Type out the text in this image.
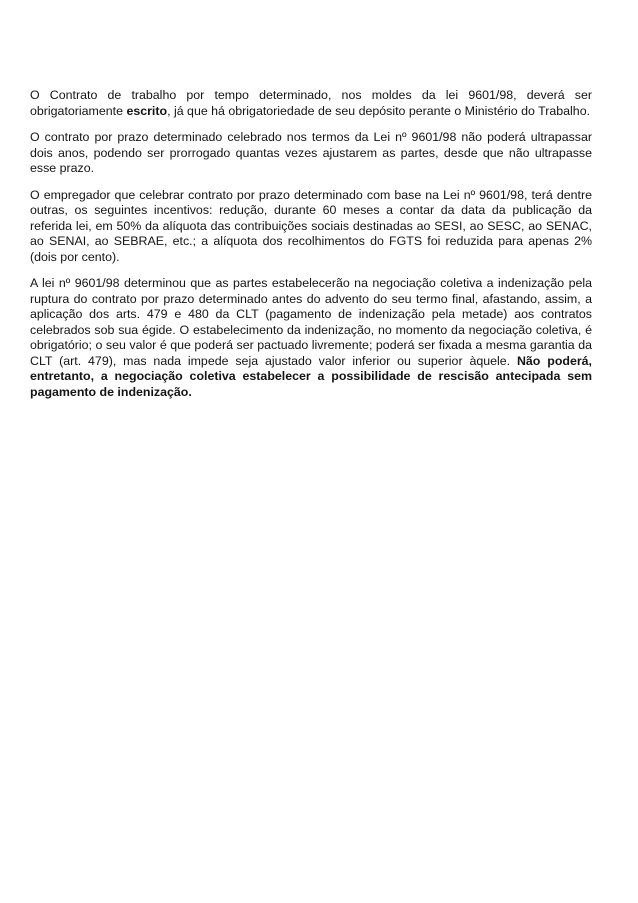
O Contrato de trabalho por tempo determinado, nos moldes da lei 9601/98, deverá ser obrigatoriamente escrito, já que há obrigatoriedade de seu depósito perante o Ministério do Trabalho.

O contrato por prazo determinado celebrado nos termos da Lei nº 9601/98 não poderá ultrapassar dois anos, podendo ser prorrogado quantas vezes ajustarem as partes, desde que não ultrapasse esse prazo.

O empregador que celebrar contrato por prazo determinado com base na Lei nº 9601/98, terá dentre outras, os seguintes incentivos: redução, durante 60 meses a contar da data da publicação da referida lei, em 50% da alíquota das contribuições sociais destinadas ao SESI, ao SESC, ao SENAC, ao SENAI, ao SEBRAE, etc.; a alíquota dos recolhimentos do FGTS foi reduzida para apenas 2% (dois por cento).

A lei nº 9601/98 determinou que as partes estabelecerão na negociação coletiva a indenização pela ruptura do contrato por prazo determinado antes do advento do seu termo final, afastando, assim, a aplicação dos arts. 479 e 480 da CLT (pagamento de indenização pela metade) aos contratos celebrados sob sua égide. O estabelecimento da indenização, no momento da negociação coletiva, é obrigatório; o seu valor é que poderá ser pactuado livremente; poderá ser fixada a mesma garantia da CLT (art. 479), mas nada impede seja ajustado valor inferior ou superior àquele. Não poderá, entretanto, a negociação coletiva estabelecer a possibilidade de rescisão antecipada sem pagamento de indenização.
